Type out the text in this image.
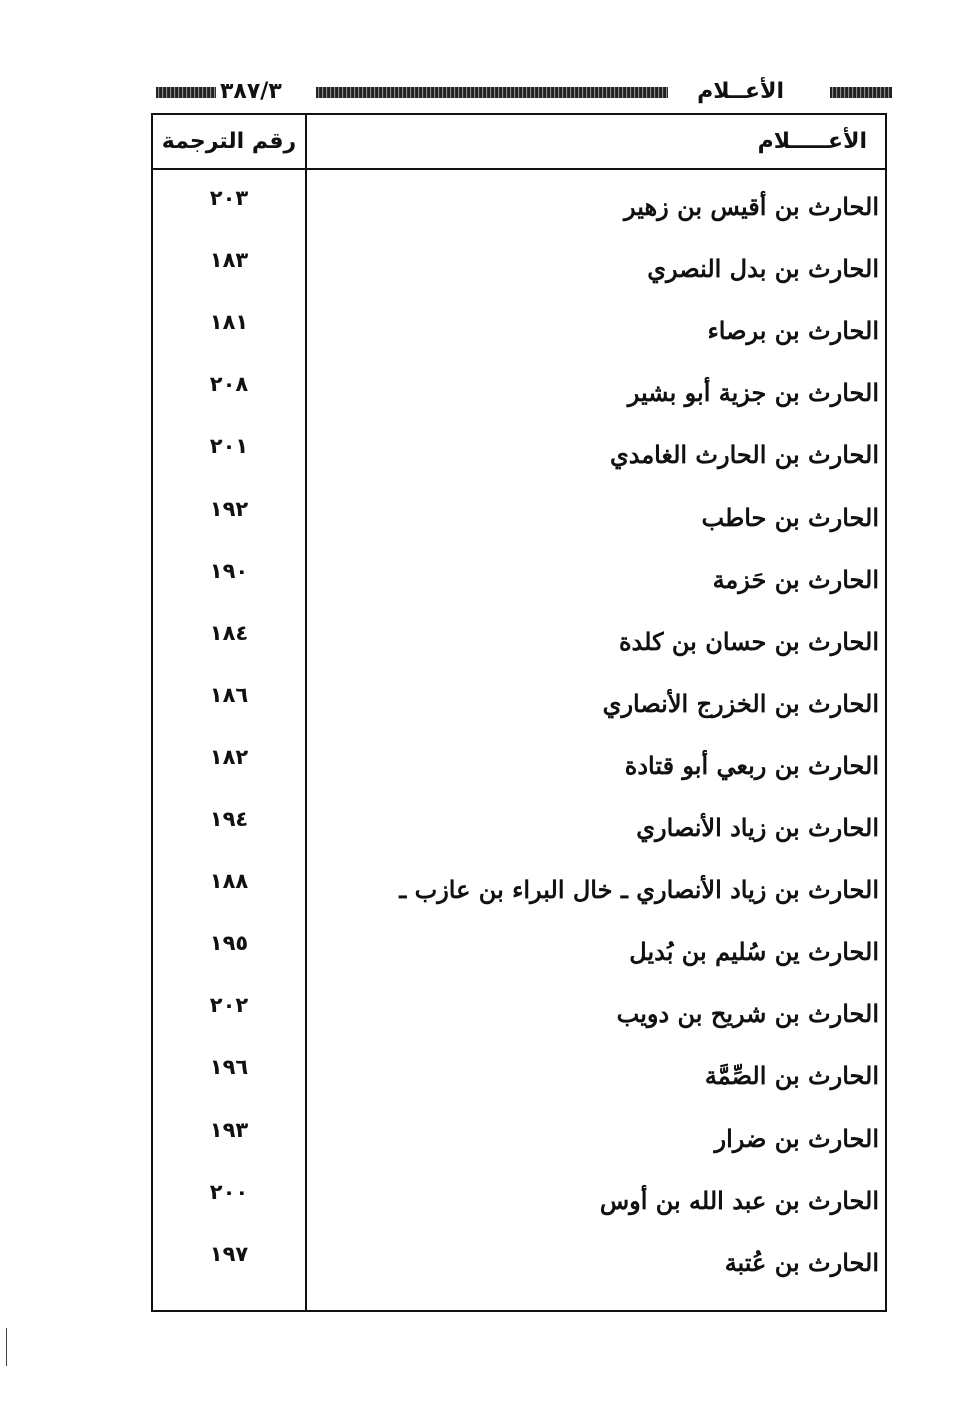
٣٨٧/٣	الأعــلام
رقم الترجمة	الأعـــــلام
٢٠٣	الحارث بن أقيس بن زهير
١٨٣	الحارث بن بدل النصري
١٨١	الحارث بن برصاء
٢٠٨	الحارث بن جزية أبو بشير
٢٠١	الحارث بن الحارث الغامدي
١٩٢	الحارث بن حاطب
١٩٠	الحارث بن حَزمة
١٨٤	الحارث بن حسان بن كلدة
١٨٦	الحارث بن الخزرج الأنصاري
١٨٢	الحارث بن ربعي أبو قتادة
١٩٤	الحارث بن زياد الأنصاري
١٨٨	الحارث بن زياد الأنصاري ـ خال البراء بن عازب ـ
١٩٥	الحارث ين سُليم بن بُديل
٢٠٢	الحارث بن شريح بن دويب
١٩٦	الحارث بن الصِّمَّة
١٩٣	الحارث بن ضرار
٢٠٠	الحارث بن عبد الله بن أوس
١٩٧	الحارث بن عُتبة
